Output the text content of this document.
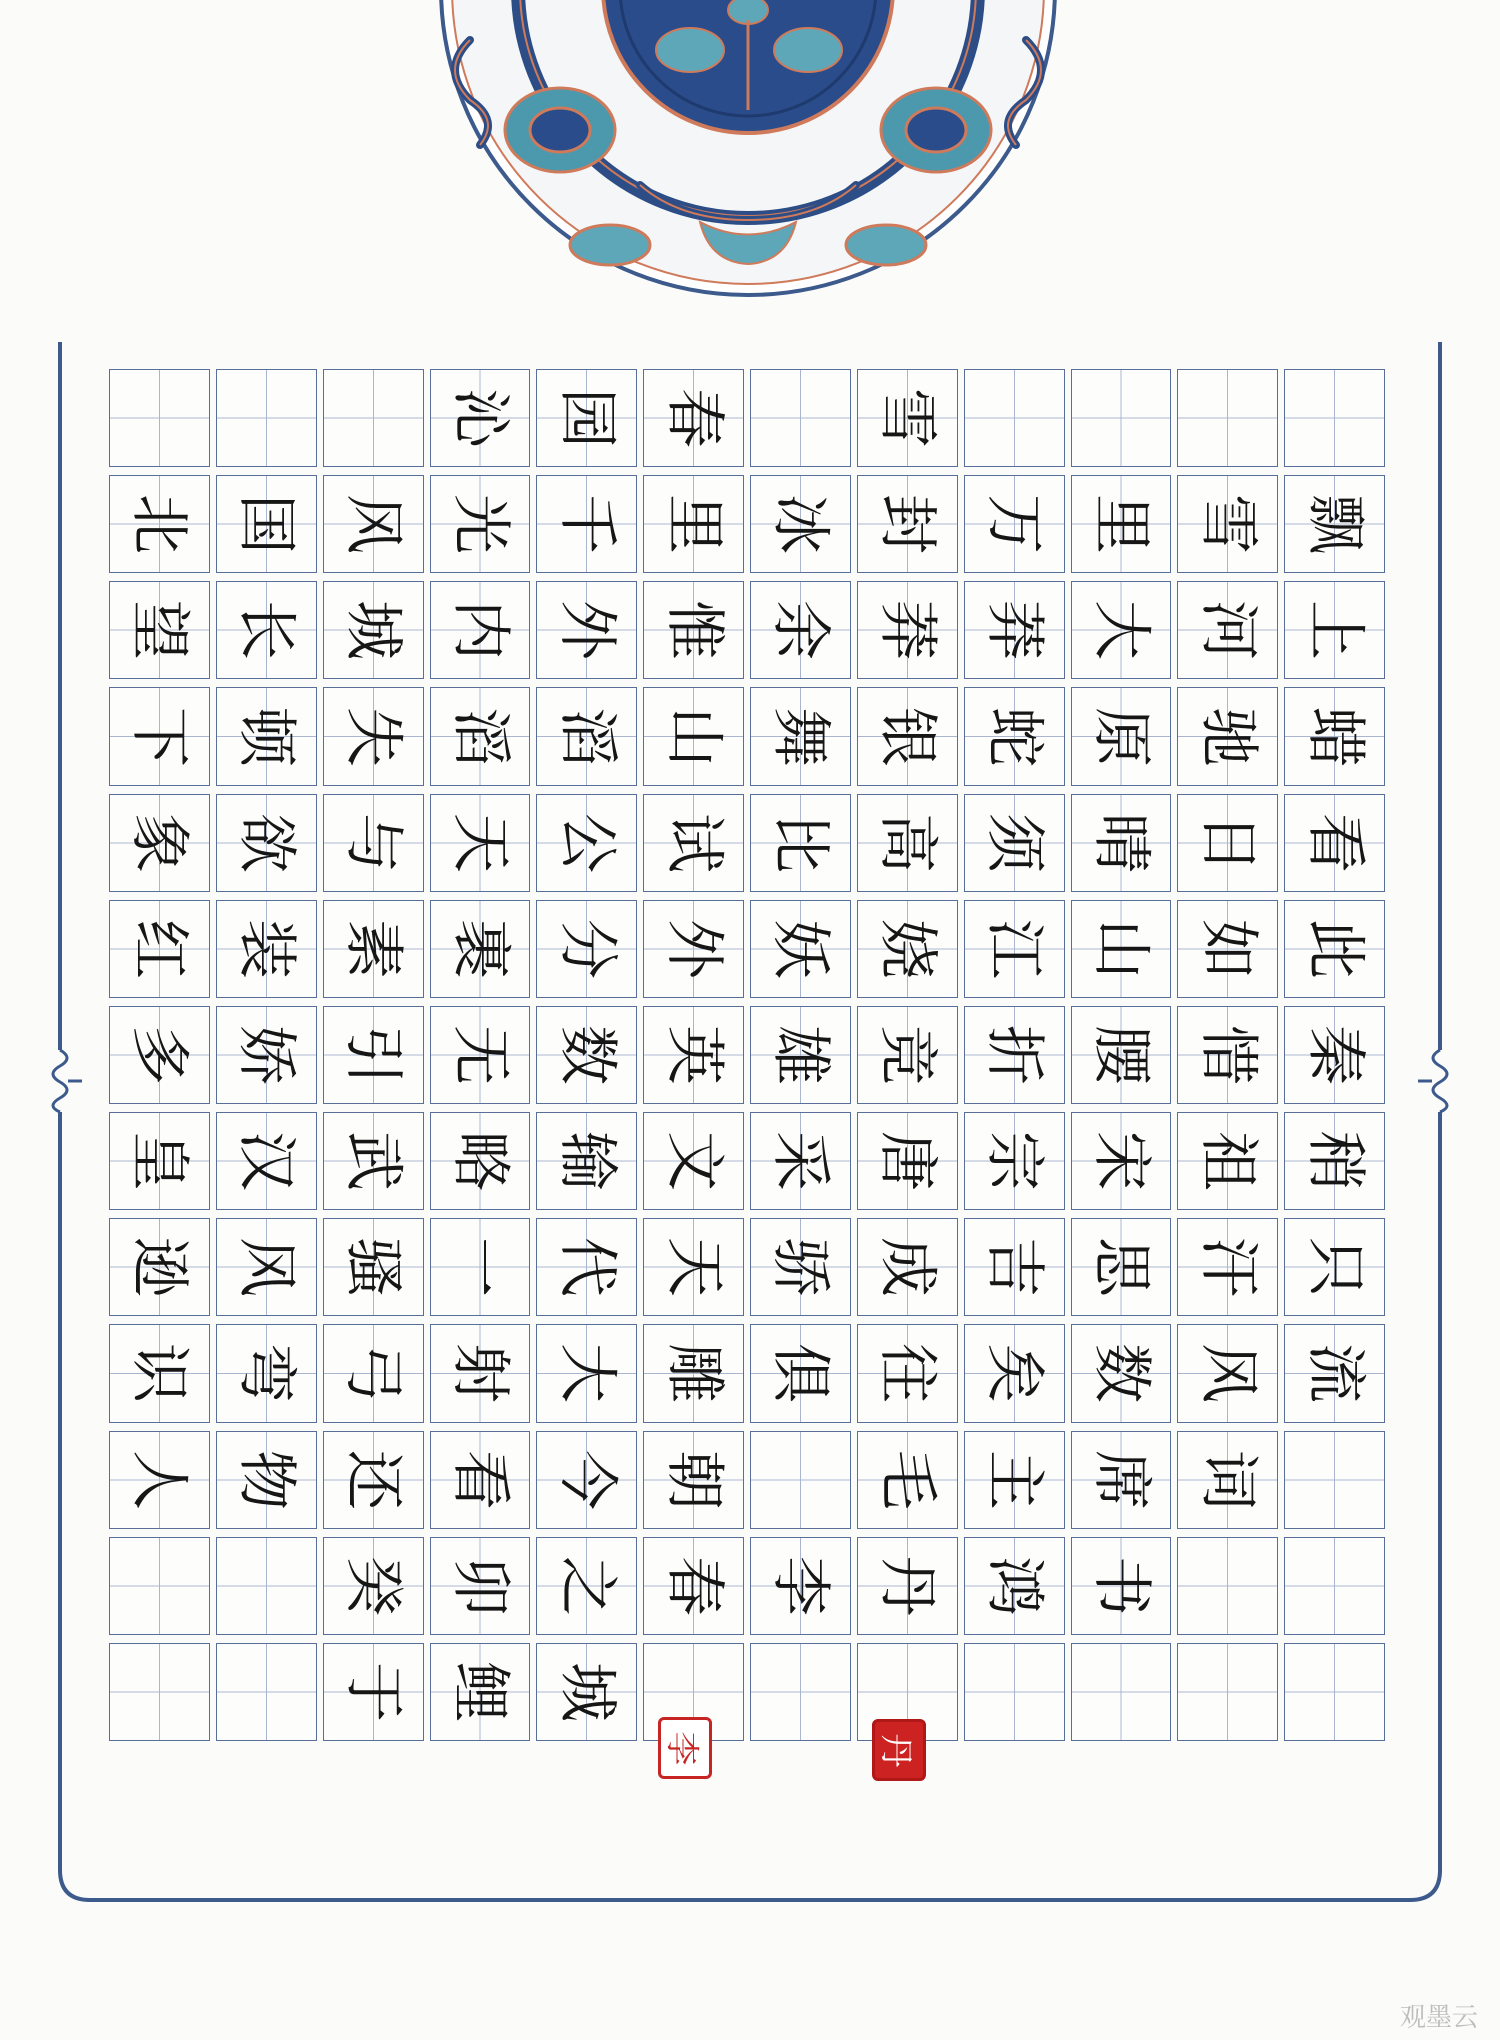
沁 园 春 雪
北 国 风 光 千 里 冰 封 万 里 雪 飘
望 长 城 内 外 惟 余 莽 莽 大 河 上
下 顿 失 滔 滔 山 舞 银 蛇 原 驰 蜡
象 欲 与 天 公 试 比 高 须 晴 日 看
红 装 素 裹 分 外 妖 娆 江 山 如 此
多 娇 引 无 数 英 雄 竞 折 腰 惜 秦
皇 汉 武 略 输 文 采 唐 宗 宋 祖 稍
逊 风 骚 一 代 天 骄 成 吉 思 汗 只
识 弯 弓 射 大 雕 俱 往 矣 数 风 流
人 物 还 看 今 朝 毛 主 席 词
癸 卯 之 春 李 丹 鸿 书
于 鲤 城
李	丹
观墨云
